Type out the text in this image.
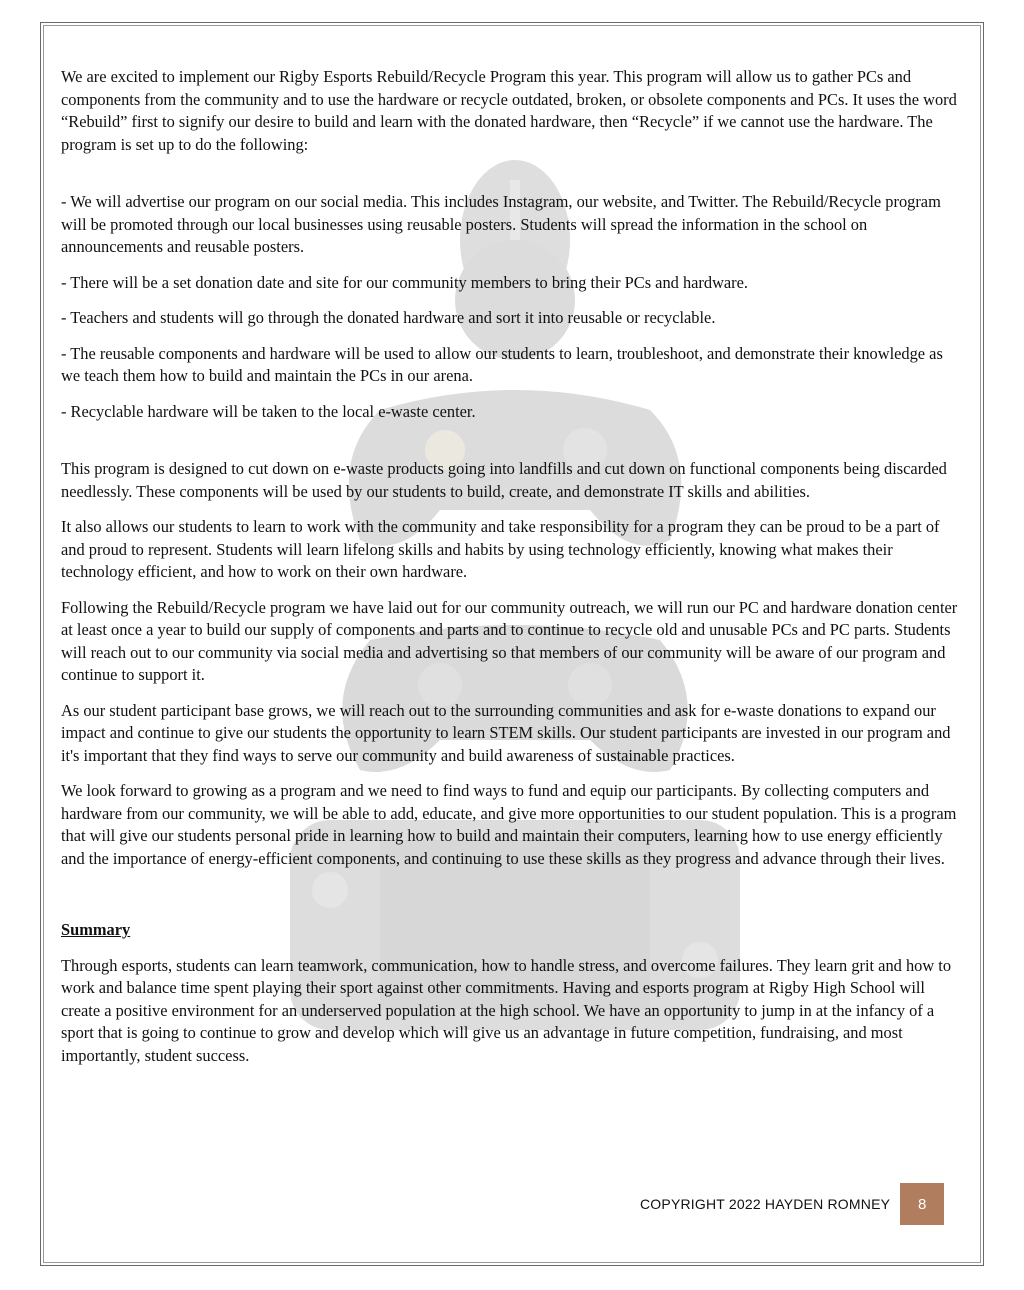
We are excited to implement our Rigby Esports Rebuild/Recycle Program this year. This program will allow us to gather PCs and components from the community and to use the hardware or recycle outdated, broken, or obsolete components and PCs. It uses the word “Rebuild” first to signify our desire to build and learn with the donated hardware, then “Recycle” if we cannot use the hardware. The program is set up to do the following:

- We will advertise our program on our social media. This includes Instagram, our website, and Twitter. The Rebuild/Recycle program will be promoted through our local businesses using reusable posters. Students will spread the information in the school on announcements and reusable posters.

- There will be a set donation date and site for our community members to bring their PCs and hardware.

- Teachers and students will go through the donated hardware and sort it into reusable or recyclable.

- The reusable components and hardware will be used to allow our students to learn, troubleshoot, and demonstrate their knowledge as we teach them how to build and maintain the PCs in our arena.

- Recyclable hardware will be taken to the local e-waste center.

This program is designed to cut down on e-waste products going into landfills and cut down on functional components being discarded needlessly. These components will be used by our students to build, create, and demonstrate IT skills and abilities.

It also allows our students to learn to work with the community and take responsibility for a program they can be proud to be a part of and proud to represent. Students will learn lifelong skills and habits by using technology efficiently, knowing what makes their technology efficient, and how to work on their own hardware.

Following the Rebuild/Recycle program we have laid out for our community outreach, we will run our PC and hardware donation center at least once a year to build our supply of components and parts and to continue to recycle old and unusable PCs and PC parts. Students will reach out to our community via social media and advertising so that members of our community will be aware of our program and continue to support it.

As our student participant base grows, we will reach out to the surrounding communities and ask for e-waste donations to expand our impact and continue to give our students the opportunity to learn STEM skills. Our student participants are invested in our program and it's important that they find ways to serve our community and build awareness of sustainable practices.

We look forward to growing as a program and we need to find ways to fund and equip our participants. By collecting computers and hardware from our community, we will be able to add, educate, and give more opportunities to our student population. This is a program that will give our students personal pride in learning how to build and maintain their computers, learning how to use energy efficiently and the importance of energy-efficient components, and continuing to use these skills as they progress and advance through their lives.

Summary

Through esports, students can learn teamwork, communication, how to handle stress, and overcome failures. They learn grit and how to work and balance time spent playing their sport against other commitments. Having and esports program at Rigby High School will create a positive environment for an underserved population at the high school. We have an opportunity to jump in at the infancy of a sport that is going to continue to grow and develop which will give us an advantage in future competition, fundraising, and most importantly, student success.

COPYRIGHT 2022 HAYDEN ROMNEY	8
